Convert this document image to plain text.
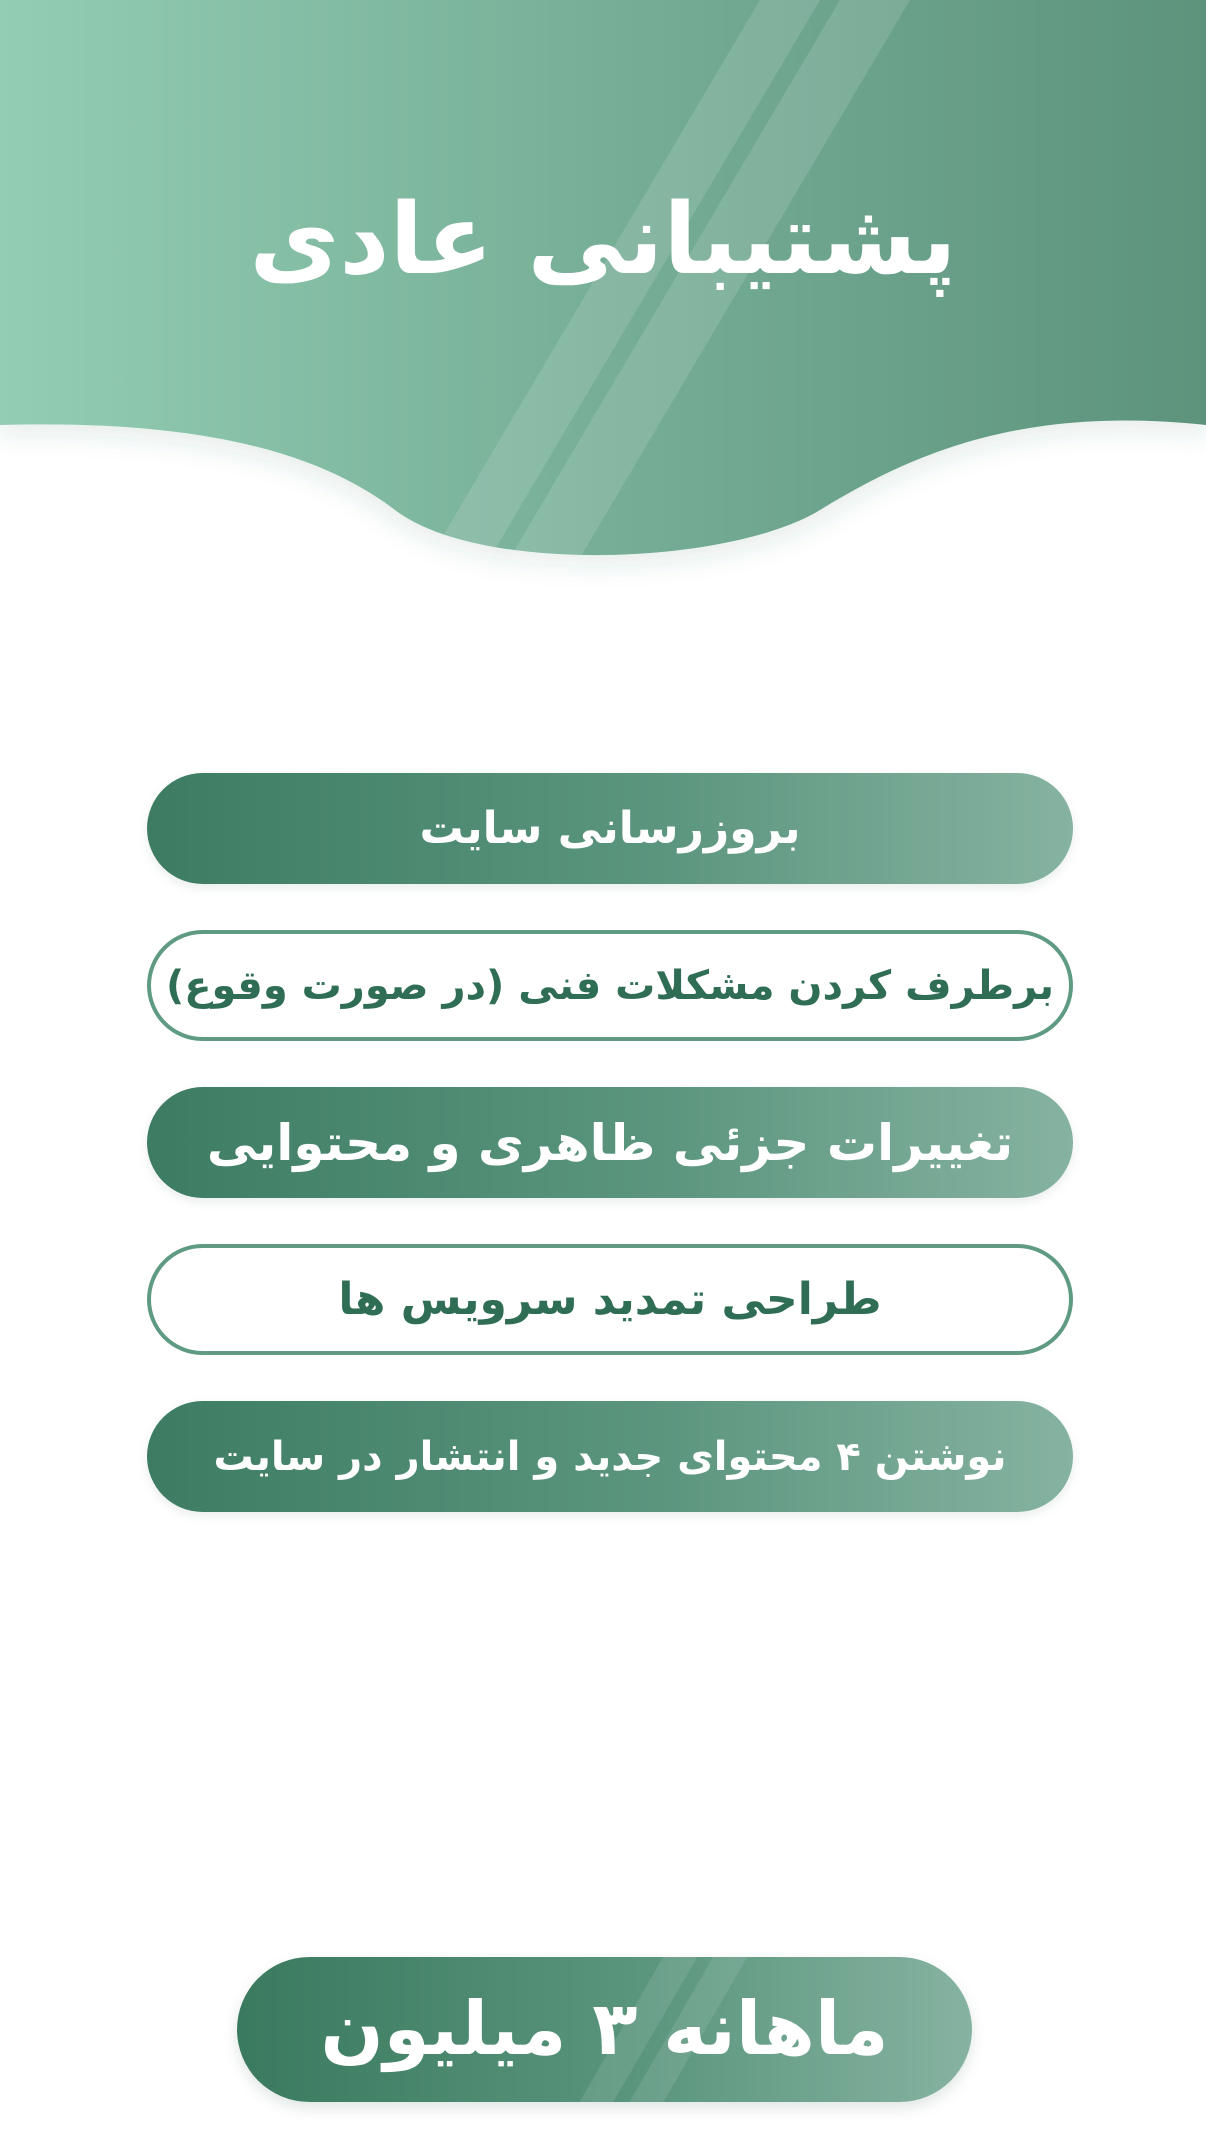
پشتیبانی عادی
بروزرسانی سایت
برطرف کردن مشکلات فنی (در صورت وقوع)
تغییرات جزئی ظاهری و محتوایی
طراحی تمدید سرویس ها
نوشتن ۴ محتوای جدید و انتشار در سایت
ماهانه ۳ میلیون
